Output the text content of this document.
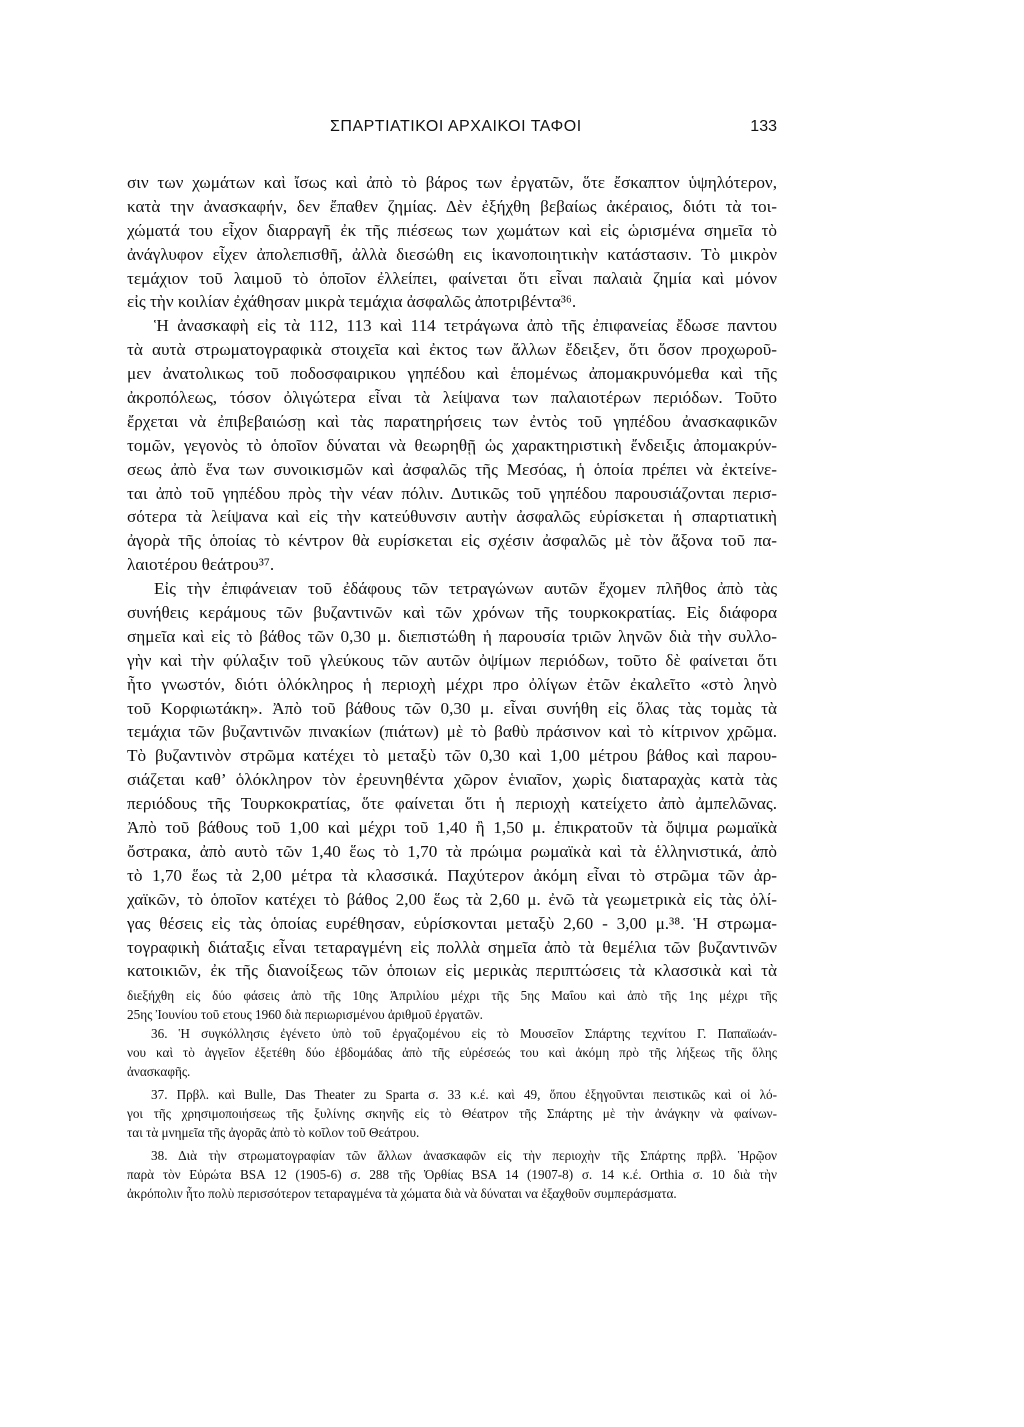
ΣΠΑΡΤΙΑΤΙΚΟΙ ΑΡΧΑΙΚΟΙ ΤΑΦΟΙ	133
σιν των χωμάτων καὶ ἴσως καὶ ἀπὸ τὸ βάρος των ἐργατῶν, ὅτε ἔσκαπτον ὑψηλότερον,
κατὰ την ἀνασκαφήν, δεν ἔπαθεν ζημίας. Δὲν ἐξήχθη βεβαίως ἀκέραιος, διότι τὰ τοι-
χώματά του εἶχον διαρραγῆ ἐκ τῆς πιέσεως των χωμάτων καὶ εἰς ὡρισμένα σημεῖα τὸ
ἀνάγλυφον εἶχεν ἀπολεπισθῆ, ἀλλὰ διεσώθη εις ἱκανοποιητικὴν κατάστασιν. Τὸ μικρὸν
τεμάχιον τοῦ λαιμοῦ τὸ ὁποῖον ἐλλείπει, φαίνεται ὅτι εἶναι παλαιὰ ζημία καὶ μόνον
εἰς τὴν κοιλίαν ἐχάθησαν μικρὰ τεμάχια ἀσφαλῶς ἀποτριβέντα³⁶.
Ἡ ἀνασκαφὴ εἰς τὰ 112, 113 καὶ 114 τετράγωνα ἀπὸ τῆς ἐπιφανείας ἔδωσε παντου
τὰ αυτὰ στρωματογραφικὰ στοιχεῖα καὶ ἐκτος των ἄλλων ἔδειξεν, ὅτι ὅσον προχωροῦ-
μεν ἀνατολικως τοῦ ποδοσφαιρικου γηπέδου καὶ ἑπομένως ἀπομακρυνόμεθα καὶ τῆς
ἀκροπόλεως, τόσον ὀλιγώτερα εἶναι τὰ λείψανα των παλαιοτέρων περιόδων. Τοῦτο
ἔρχεται νὰ ἐπιβεβαιώσῃ καὶ τὰς παρατηρήσεις των ἐντὸς τοῦ γηπέδου ἀνασκαφικῶν
τομῶν, γεγονὸς τὸ ὁποῖον δύναται νὰ θεωρηθῇ ὡς χαρακτηριστικὴ ἔνδειξις ἀπομακρύν-
σεως ἀπὸ ἕνα των συνοικισμῶν καὶ ἀσφαλῶς τῆς Μεσόας, ἡ ὁποία πρέπει νὰ ἐκτείνε-
ται ἀπὸ τοῦ γηπέδου πρὸς τὴν νέαν πόλιν. Δυτικῶς τοῦ γηπέδου παρουσιάζονται περισ-
σότερα τὰ λείψανα καὶ εἰς τὴν κατεύθυνσιν αυτὴν ἀσφαλῶς εὑρίσκεται ἡ σπαρτιατικὴ
ἀγορὰ τῆς ὁποίας τὸ κέντρον θὰ ευρίσκεται εἰς σχέσιν ἀσφαλῶς μὲ τὸν ἄξονα τοῦ πα-
λαιοτέρου θεάτρου³⁷.
Εἰς τὴν ἐπιφάνειαν τοῦ ἐδάφους τῶν τετραγώνων αυτῶν ἔχομεν πλῆθος ἀπὸ τὰς
συνήθεις κεράμους τῶν βυζαντινῶν καὶ τῶν χρόνων τῆς τουρκοκρατίας. Εἰς διάφορα
σημεῖα καὶ εἰς τὸ βάθος τῶν 0,30 μ. διεπιστώθη ἡ παρουσία τριῶν ληνῶν διὰ τὴν συλλο-
γὴν καὶ τὴν φύλαξιν τοῦ γλεύκους τῶν αυτῶν ὀψίμων περιόδων, τοῦτο δὲ φαίνεται ὅτι
ἦτο γνωστόν, διότι ὁλόκληρος ἡ περιοχὴ μέχρι προ ὀλίγων ἐτῶν ἐκαλεῖτο «στὸ ληνὸ
τοῦ Κορφιωτάκη». Ἀπὸ τοῦ βάθους τῶν 0,30 μ. εἶναι συνήθη εἰς ὅλας τὰς τομὰς τὰ
τεμάχια τῶν βυζαντινῶν πινακίων (πιάτων) μὲ τὸ βαθὺ πράσινον καὶ τὸ κίτρινον χρῶμα.
Τὸ βυζαντινὸν στρῶμα κατέχει τὸ μεταξὺ τῶν 0,30 καὶ 1,00 μέτρου βάθος καὶ παρου-
σιάζεται καθ’ ὁλόκληρον τὸν ἐρευνηθέντα χῶρον ἑνιαῖον, χωρὶς διαταραχὰς κατὰ τὰς
περιόδους τῆς Τουρκοκρατίας, ὅτε φαίνεται ὅτι ἡ περιοχὴ κατείχετο ἀπὸ ἀμπελῶνας.
Ἀπὸ τοῦ βάθους τοῦ 1,00 καὶ μέχρι τοῦ 1,40 ἢ 1,50 μ. ἐπικρατοῦν τὰ ὄψιμα ρωμαϊκὰ
ὄστρακα, ἀπὸ αυτὸ τῶν 1,40 ἕως τὸ 1,70 τὰ πρώιμα ρωμαϊκὰ καὶ τὰ ἑλληνιστικά, ἀπὸ
τὸ 1,70 ἕως τὰ 2,00 μέτρα τὰ κλασσικά. Παχύτερον ἀκόμη εἶναι τὸ στρῶμα τῶν ἀρ-
χαϊκῶν, τὸ ὁποῖον κατέχει τὸ βάθος 2,00 ἕως τὰ 2,60 μ. ἐνῶ τὰ γεωμετρικὰ εἰς τὰς ὀλί-
γας θέσεις εἰς τὰς ὁποίας ευρέθησαν, εὑρίσκονται μεταξὺ 2,60 - 3,00 μ.³⁸. Ἡ στρωμα-
τογραφικὴ διάταξις εἶναι τεταραγμένη εἰς πολλὰ σημεῖα ἀπὸ τὰ θεμέλια τῶν βυζαντινῶν
κατοικιῶν, ἐκ τῆς διανοίξεως τῶν ὁποιων εἰς μερικὰς περιπτώσεις τὰ κλασσικὰ καὶ τὰ
διεξήχθη εἰς δύο φάσεις ἀπὸ τῆς 10ης Ἀπριλίου μέχρι τῆς 5ης Μαΐου καὶ ἀπὸ τῆς 1ης μέχρι τῆς
25ης Ἰουνίου τοῦ ετους 1960 διὰ περιωρισμένου ἀριθμοῦ ἐργατῶν.
36. Ἡ συγκόλλησις ἐγένετο ὑπὸ τοῦ ἐργαζομένου εἰς τὸ Μουσεῖον Σπάρτης τεχνίτου Γ. Παπαϊωάν-
νου καὶ τὸ ἀγγεῖον ἐξετέθη δύο ἑβδομάδας ἀπὸ τῆς εὑρέσεώς του καὶ ἀκόμη πρὸ τῆς λήξεως τῆς ὅλης
ἀνασκαφῆς.
37. Πρβλ. καὶ Bulle, Das Theater zu Sparta σ. 33 κ.έ. καὶ 49, ὅπου ἐξηγοῦνται πειστικῶς καὶ οἱ λό-
γοι τῆς χρησιμοποιήσεως τῆς ξυλίνης σκηνῆς εἰς τὸ Θέατρον τῆς Σπάρτης μὲ τὴν ἀνάγκην νὰ φαίνων-
ται τὰ μνημεῖα τῆς ἀγορᾶς ἀπὸ τὸ κοῖλον τοῦ Θεάτρου.
38. Διὰ τὴν στρωματογραφίαν τῶν ἄλλων ἀνασκαφῶν εἰς τὴν περιοχὴν τῆς Σπάρτης πρβλ. Ἡρῷον
παρὰ τὸν Εὐρώτα BSA 12 (1905-6) σ. 288 τῆς Ὀρθίας BSA 14 (1907-8) σ. 14 κ.έ. Orthia σ. 10 διὰ τὴν
ἀκρόπολιν ἦτο πολὺ περισσότερον τεταραγμένα τὰ χώματα διὰ νὰ δύναται να ἐξαχθοῦν συμπεράσματα.
